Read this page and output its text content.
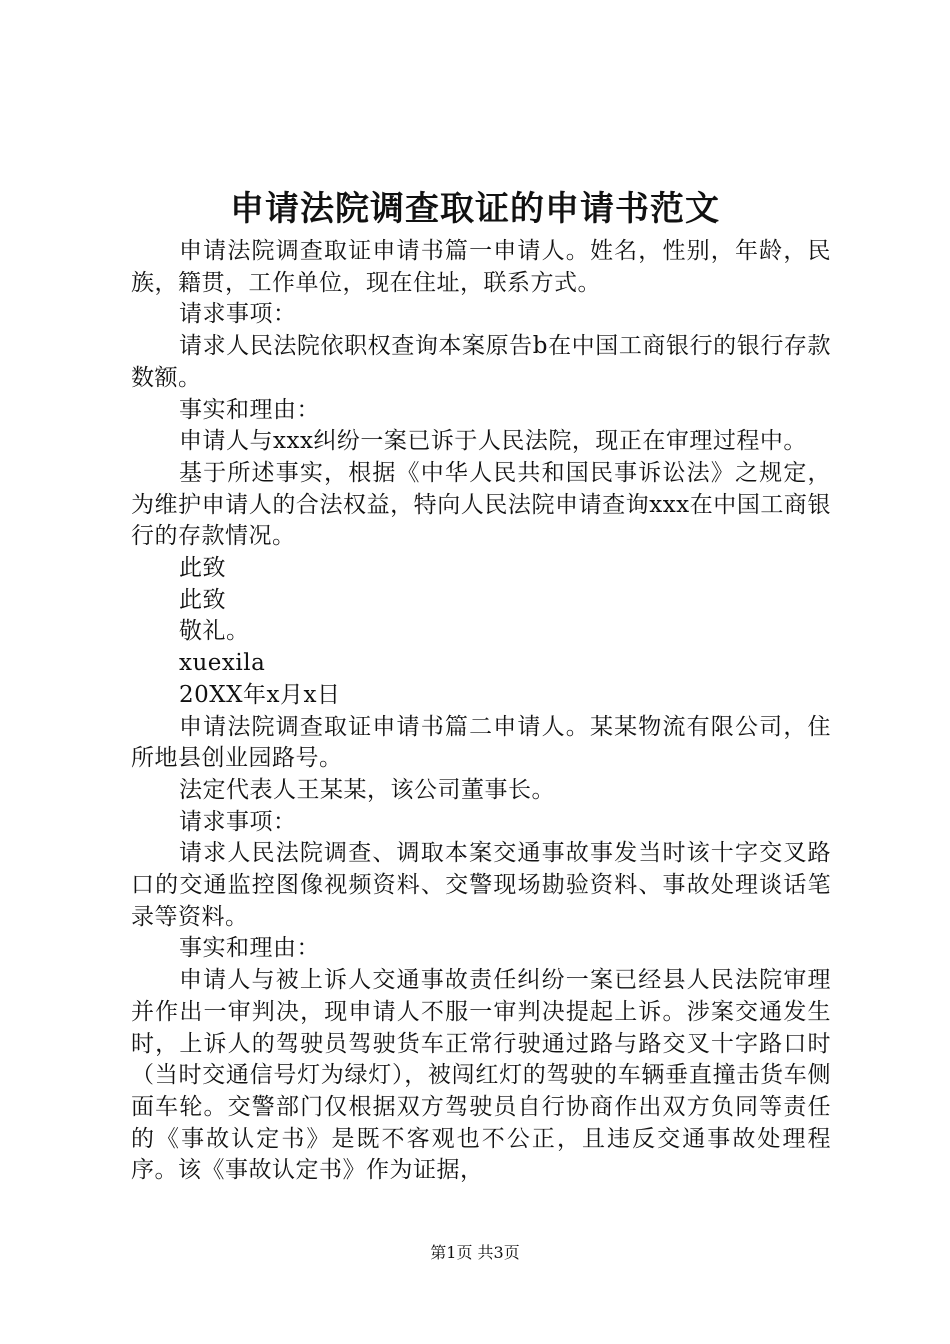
申请法院调查取证的申请书范文

申请法院调查取证申请书篇一申请人。姓名，性别，年龄，民族，籍贯，工作单位，现在住址，联系方式。

请求事项：

请求人民法院依职权查询本案原告b在中国工商银行的银行存款数额。

事实和理由：

申请人与xxx纠纷一案已诉于人民法院，现正在审理过程中。

基于所述事实，根据《中华人民共和国民事诉讼法》之规定，为维护申请人的合法权益，特向人民法院申请查询xxx在中国工商银行的存款情况。

此致

此致

敬礼。

xuexila

20XX年x月x日

申请法院调查取证申请书篇二申请人。某某物流有限公司，住所地县创业园路号。

法定代表人王某某，该公司董事长。

请求事项：

请求人民法院调查、调取本案交通事故事发当时该十字交叉路口的交通监控图像视频资料、交警现场勘验资料、事故处理谈话笔录等资料。

事实和理由：

申请人与被上诉人交通事故责任纠纷一案已经县人民法院审理并作出一审判决，现申请人不服一审判决提起上诉。涉案交通发生时，上诉人的驾驶员驾驶货车正常行驶通过路与路交叉十字路口时（当时交通信号灯为绿灯），被闯红灯的驾驶的车辆垂直撞击货车侧面车轮。交警部门仅根据双方驾驶员自行协商作出双方负同等责任的《事故认定书》是既不客观也不公正，且违反交通事故处理程序。该《事故认定书》作为证据，

第1页 共3页
